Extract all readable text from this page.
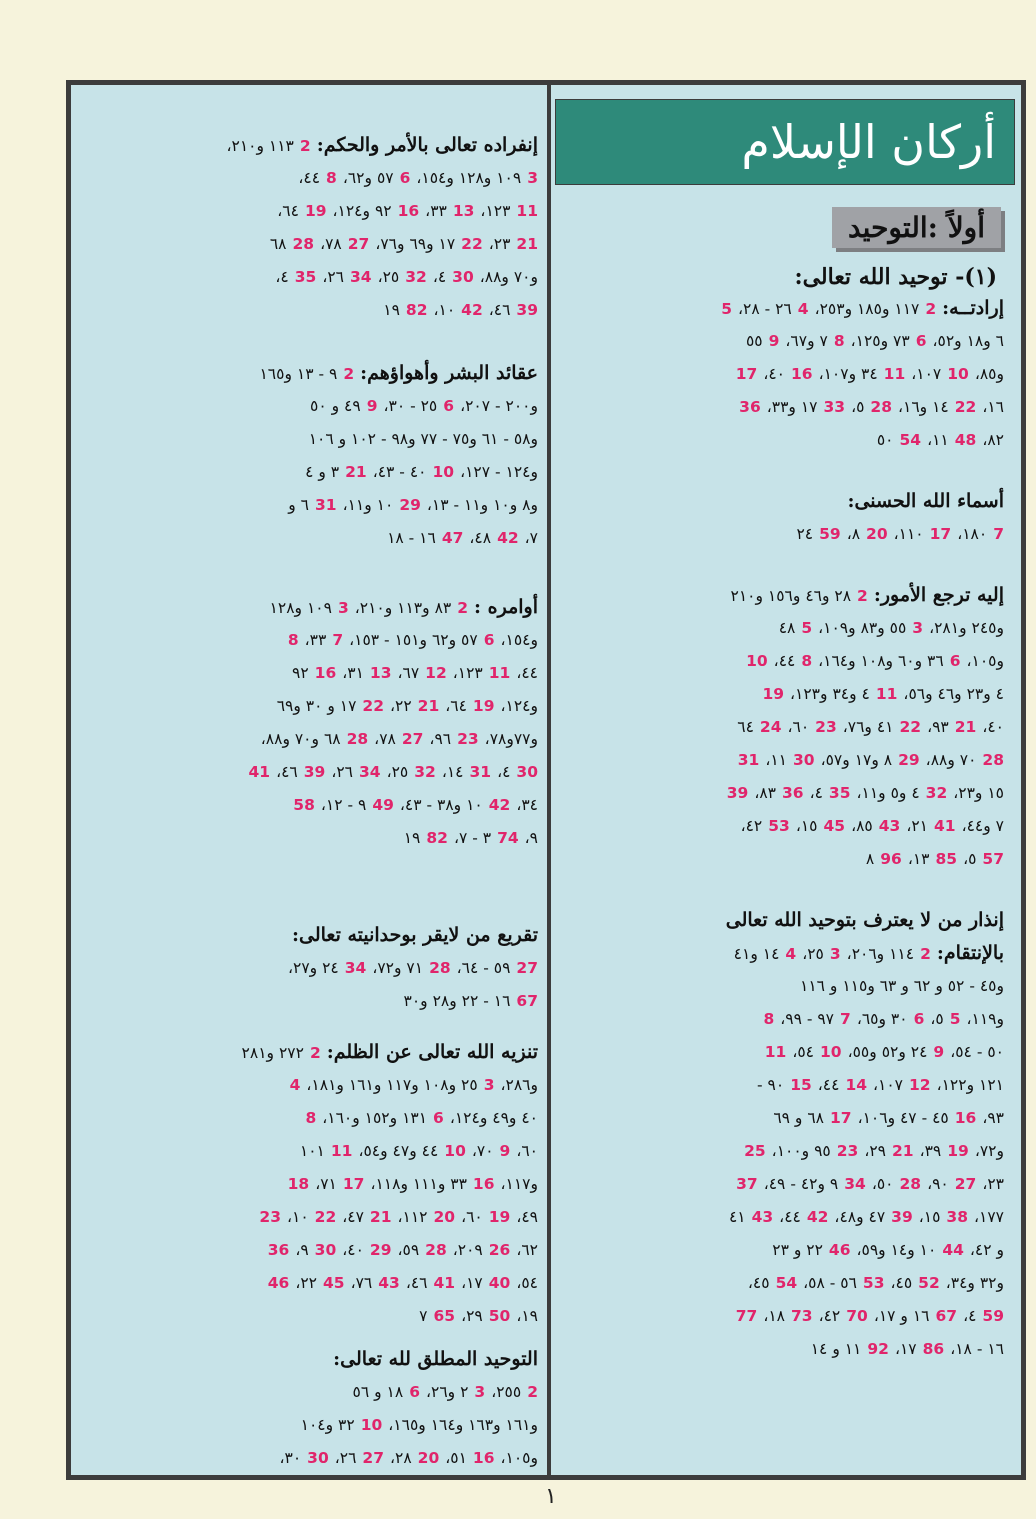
أركان الإسلام
أولاً :التوحيد
(١)- توحيد الله تعالى:
إرادتــه:2١١٧ و١٨٥ و٢٥٣،4٢٦ - ٢٨،5
٦ و١٨ و٥٢،6٧٣ و١٢٥،8٧ و٦٧،9٥٥
و٨٥،10١٠٧،11٣٤ و١٠٧،16٤٠،17
١٦،22١٤ و١٦،28٥،33١٧ و٣٣،36
٨٢،48١١،54٥٠
أسماء الله الحسنى:
7١٨٠،17١١٠،20٨،59٢٤
إليه ترجع الأمور:2٢٨ و٤٦ و١٥٦ و٢١٠
و٢٤٥ و٢٨١،3٥٥ و٨٣ و١٠٩،5٤٨
و١٠٥،6٣٦ و٦٠ و١٠٨ و١٦٤،8٤٤،10
٤ و٢٣ و٤٦ و٥٦،11٤ و٣٤ و١٢٣،19
٤٠،21٩٣،22٤١ و٧٦،23٦٠،24٦٤
28٧٠ و٨٨،29٨ و١٧ و٥٧،30١١،31
١٥ و٢٣،32٤ و٥ و١١،35٤،36٨٣،39
٧ و٤٤،41٢١،43٨٥،45١٥،53٤٢،
57٥،85١٣،96٨
إنذار من لا يعترف بتوحيد الله تعالى
بالإنتقام:2١١٤ و٢٠٦،3٢٥،4١٤ و٤١
و٤٥ - ٥٢ و ٦٢ و ٦٣ و١١٥ و ١١٦
و١١٩،5٥،6٣٠ و٦٥،7٩٧ - ٩٩،8
٥٠ - ٥٤،9٢٤ و٥٢ و٥٥،10٥٤،11
١٢١ و١٢٢،12١٠٧،14٤٤،15٩٠ -
٩٣،16٤٥ - ٤٧ و١٠٦،17٦٨ و ٦٩
و٧٢،19٣٩،21٢٩،23٩٥ و١٠٠،25
٢٣،27٩٠،28٥٠،34٩ و٤٢ - ٤٩،37
١٧٧،38١٥،39٤٧ و٤٨،42٤٤،43٤١
و ٤٢،44١٠ و١٤ و٥٩،46٢٢ و ٢٣
و٣٢ و٣٤،52٤٥،53٥٦ - ٥٨،54٤٥،
59٤،67١٦ و ١٧،70٤٢،73١٨،77
١٦ - ١٨،86١٧،92١١ و ١٤
إنفراده تعالى بالأمر والحكم:2١١٣ و٢١٠،
3١٠٩ و١٢٨ و١٥٤،6٥٧ و٦٢،8٤٤،
11١٢٣،13٣٣،16٩٢ و١٢٤،19٦٤،
21٢٣،22١٧ و٦٩ و٧٦،27٧٨،28٦٨
و٧٠ و٨٨،30٤،32٢٥،34٢٦،35٤،
39٤٦،42١٠،82١٩
عقائد البشر وأهواؤهم:2٩ - ١٣ و١٦٥
و٢٠٠ - ٢٠٧،6٢٥ - ٣٠،9٤٩ و ٥٠
و٥٨ - ٦١ و٧٥ - ٧٧ و٩٨ - ١٠٢ و ١٠٦
و١٢٤ - ١٢٧،10٤٠ - ٤٣،21٣ و ٤
و٨ و١٠ و١١ - ١٣،29١٠ و١١،31٦ و
٧،42٤٨،47١٦ - ١٨
أوامره :2٨٣ و١١٣ و٢١٠،3١٠٩ و١٢٨
و١٥٤،6٥٧ و٦٢ و١٥١ - ١٥٣،7٣٣،8
٤٤،11١٢٣،12٦٧،13٣١،16٩٢
و١٢٤،19٦٤،21٢٢،22١٧ و ٣٠ و٦٩
و٧٧و٧٨،23٩٦،27٧٨،28٦٨ و٧٠ و٨٨،
30٤،31١٤،32٢٥،34٢٦،39٤٦،41
٣٤،42١٠ و٣٨ - ٤٣،49٩ - ١٢،58
٩،74٣ - ٧،82١٩
تقريع من لايقر بوحدانيته تعالى:
27٥٩ - ٦٤،28٧١ و٧٢،34٢٤ و٢٧،
67١٦ - ٢٢ و٢٨ و٣٠
تنزيه الله تعالى عن الظلم:2٢٧٢ و٢٨١
و٢٨٦،3٢٥ و١٠٨ و١١٧ و١٦١ و١٨١،4
٤٠ و٤٩ و١٢٤،6١٣١ و١٥٢ و١٦٠،8
٦٠،9٧٠،10٤٤ و٤٧ و٥٤،11١٠١
و١١٧،16٣٣ و١١١ و١١٨،17٧١،18
٤٩،19٦٠،20١١٢،21٤٧،22١٠،23
٦٢،26٢٠٩،28٥٩،29٤٠،30٩،36
٥٤،40١٧،41٤٦،43٧٦،45٢٢،46
١٩،50٢٩،65٧
التوحيد المطلق لله تعالى:
2٢٥٥،3٢ و٢٦،6١٨ و ٥٦
و١٦١ و١٦٣ و١٦٤ و١٦٥،10٣٢ و١٠٤
و١٠٥،16٥١،20٢٨،27٢٦،30٣٠،
١
